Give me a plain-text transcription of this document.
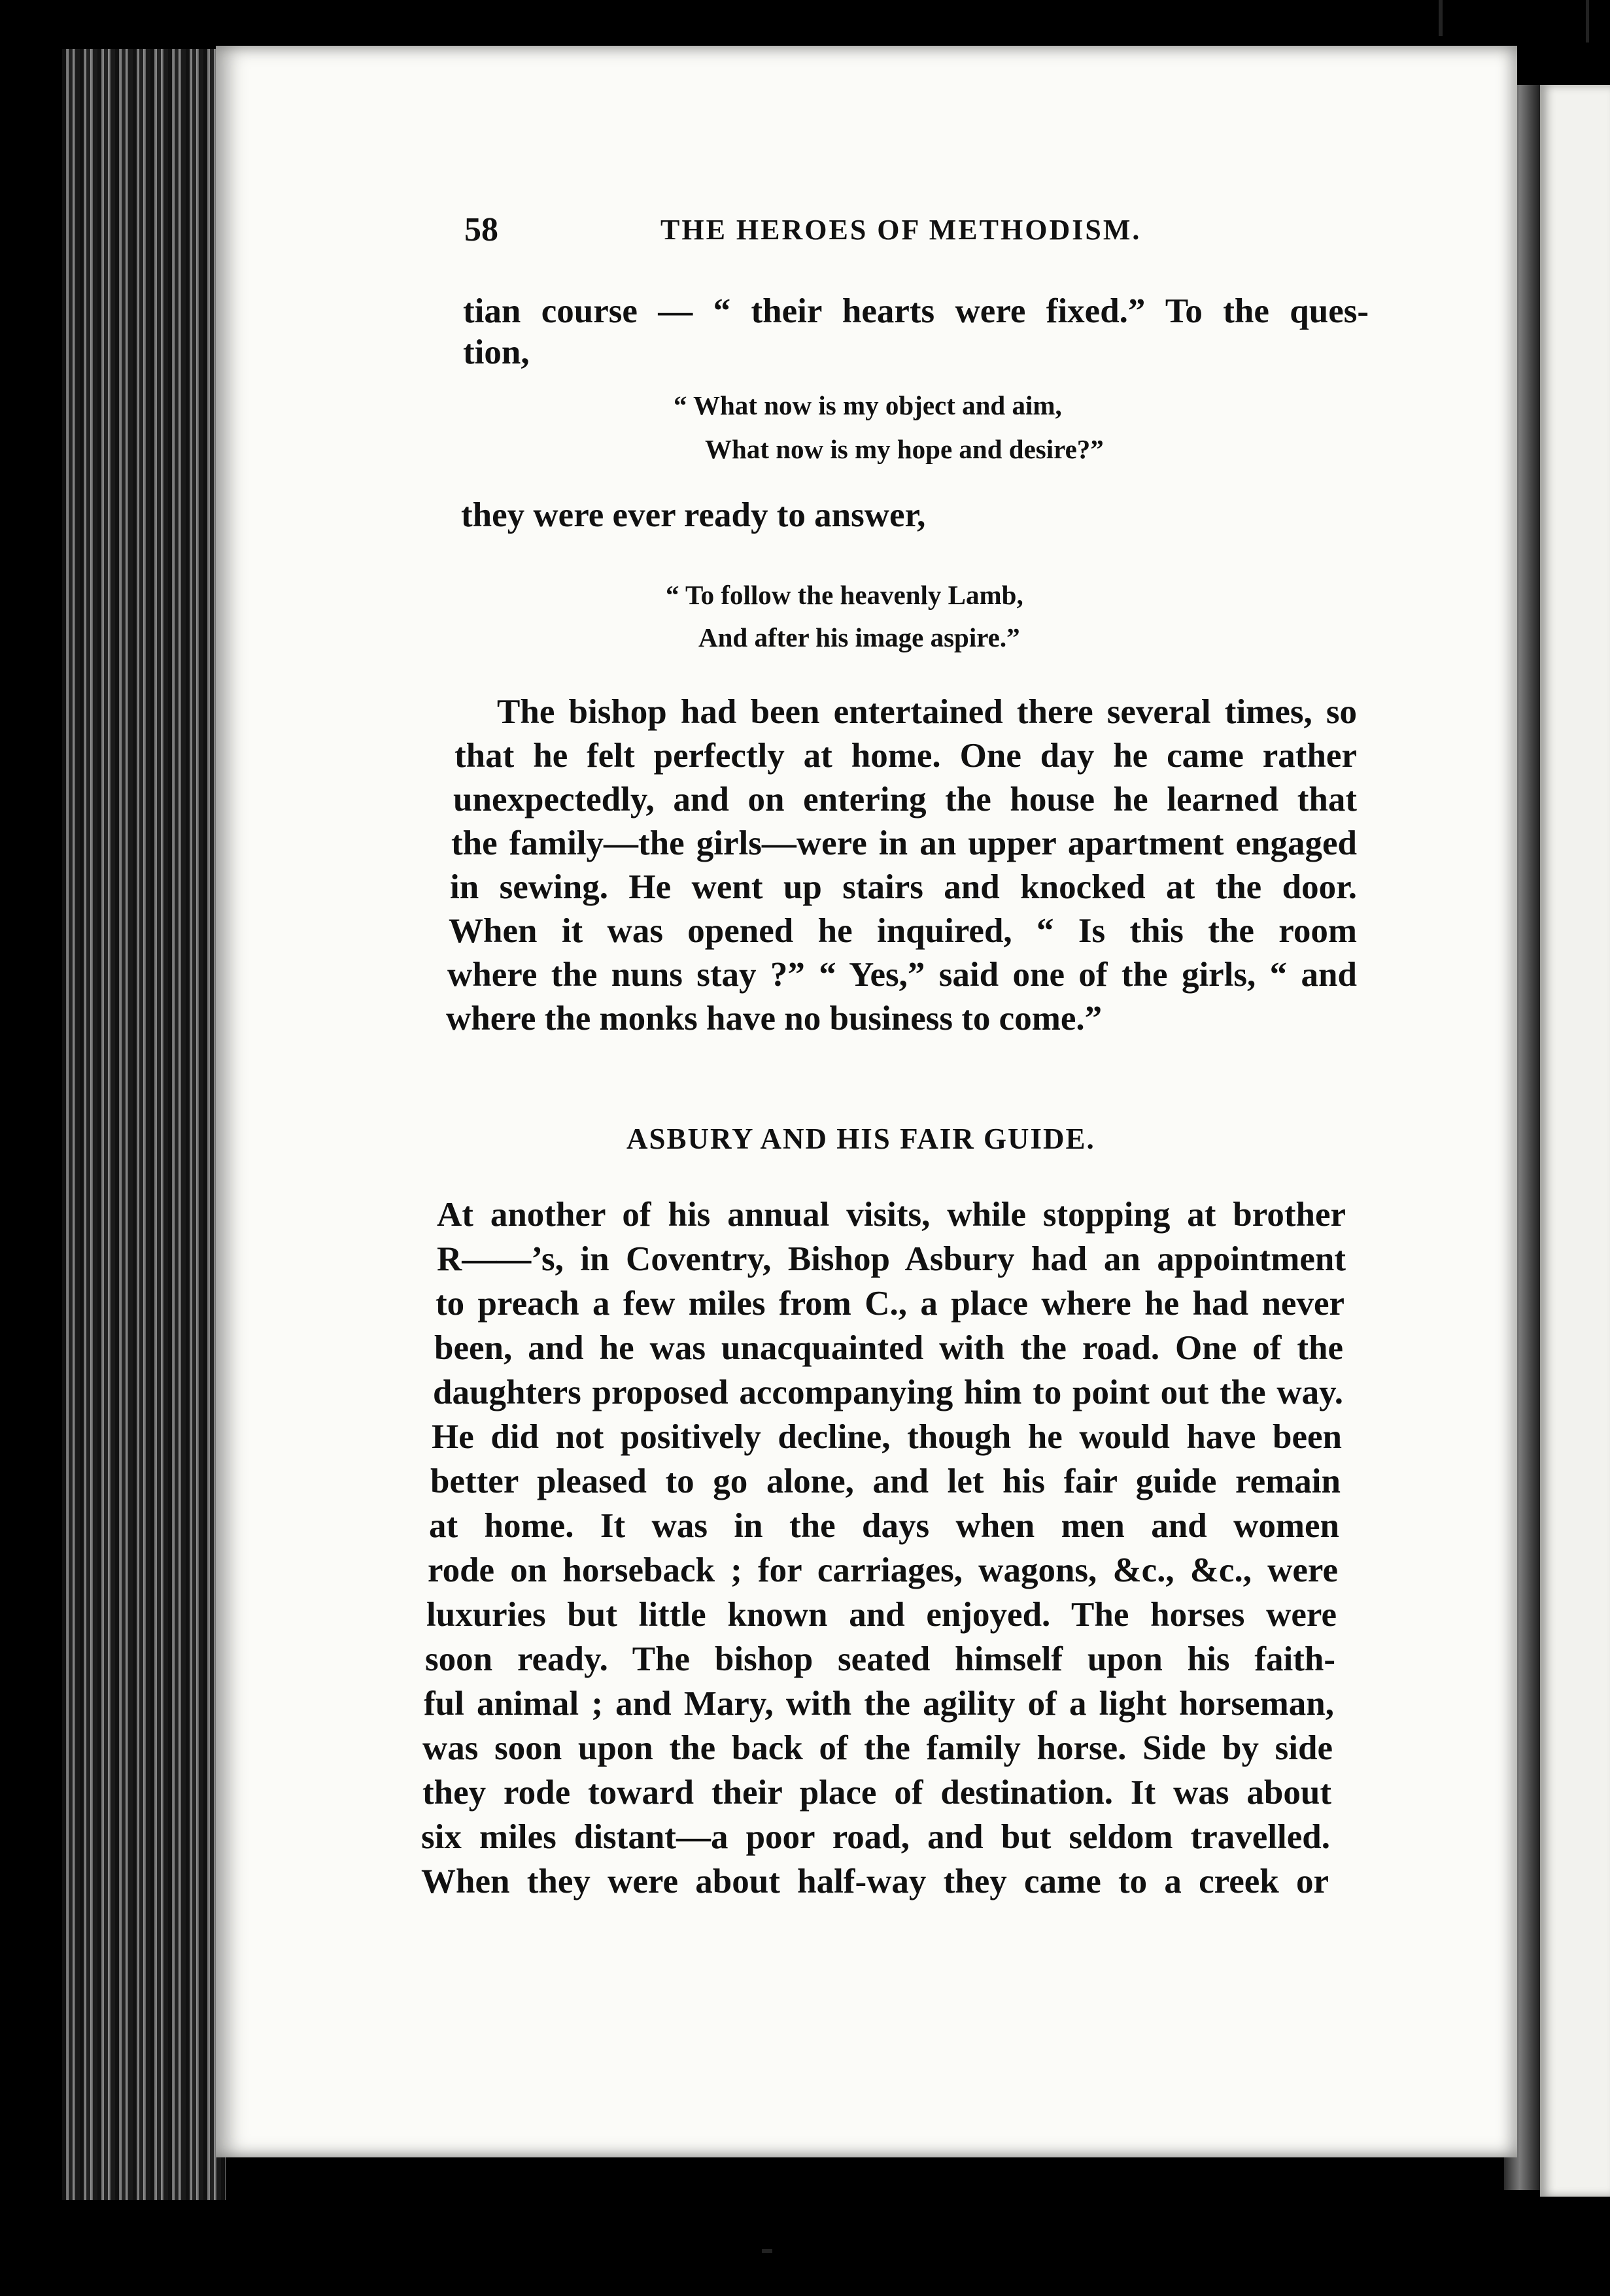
58	THE HEROES OF METHODISM.
tian course — “ their hearts were fixed.” To the ques-
tion,
“ What now is my object and aim,
What now is my hope and desire?”
they were ever ready to answer,
“ To follow the heavenly Lamb,
And after his image aspire.”
The bishop had been entertained there several times, so
that he felt perfectly at home. One day he came rather
unexpectedly, and on entering the house he learned that
the family—the girls—were in an upper apartment engaged
in sewing. He went up stairs and knocked at the door.
When it was opened he inquired, “ Is this the room
where the nuns stay ?” “ Yes,” said one of the girls, “ and
where the monks have no business to come.”
ASBURY AND HIS FAIR GUIDE.
At another of his annual visits, while stopping at brother
R——’s, in Coventry, Bishop Asbury had an appointment
to preach a few miles from C., a place where he had never
been, and he was unacquainted with the road. One of the
daughters proposed accompanying him to point out the way.
He did not positively decline, though he would have been
better pleased to go alone, and let his fair guide remain
at home. It was in the days when men and women
rode on horseback ; for carriages, wagons, &c., &c., were
luxuries but little known and enjoyed. The horses were
soon ready. The bishop seated himself upon his faith-
ful animal ; and Mary, with the agility of a light horseman,
was soon upon the back of the family horse. Side by side
they rode toward their place of destination. It was about
six miles distant—a poor road, and but seldom travelled.
When they were about half-way they came to a creek or
